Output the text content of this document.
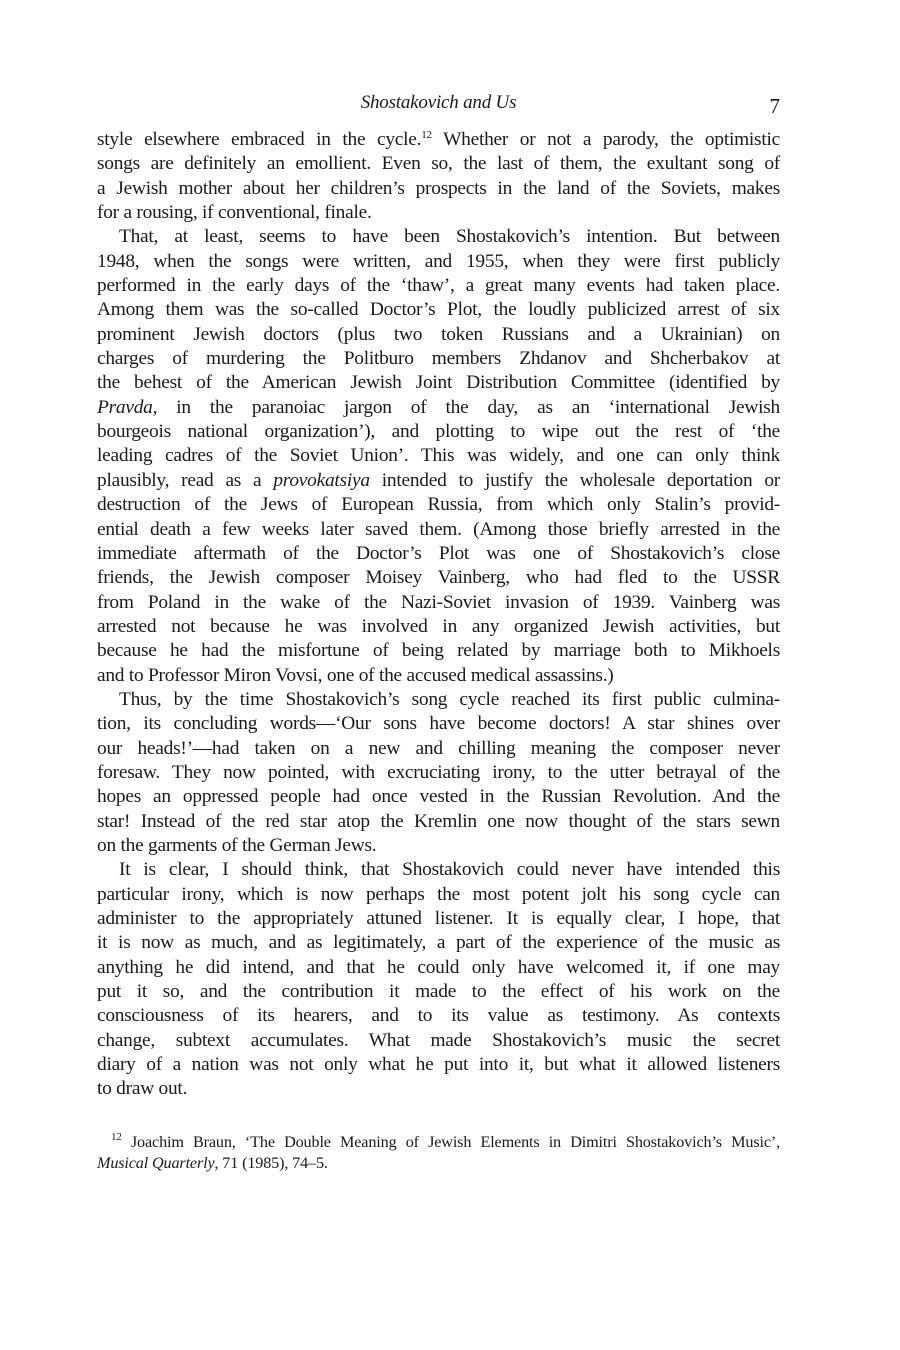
Shostakovich and Us	7
style elsewhere embraced in the cycle.$^{12}$ Whether or not a parody, the optimistic
songs are definitely an emollient. Even so, the last of them, the exultant song of
a Jewish mother about her children’s prospects in the land of the Soviets, makes
for a rousing, if conventional, finale.
That, at least, seems to have been Shostakovich’s intention. But between
1948, when the songs were written, and 1955, when they were first publicly
performed in the early days of the ‘thaw’, a great many events had taken place.
Among them was the so-called Doctor’s Plot, the loudly publicized arrest of six
prominent Jewish doctors (plus two token Russians and a Ukrainian) on
charges of murdering the Politburo members Zhdanov and Shcherbakov at
the behest of the American Jewish Joint Distribution Committee (identified by
Pravda, in the paranoiac jargon of the day, as an ‘international Jewish
bourgeois national organization’), and plotting to wipe out the rest of ‘the
leading cadres of the Soviet Union’. This was widely, and one can only think
plausibly, read as a provokatsiya intended to justify the wholesale deportation or
destruction of the Jews of European Russia, from which only Stalin’s provid-
ential death a few weeks later saved them. (Among those briefly arrested in the
immediate aftermath of the Doctor’s Plot was one of Shostakovich’s close
friends, the Jewish composer Moisey Vainberg, who had fled to the USSR
from Poland in the wake of the Nazi-Soviet invasion of 1939. Vainberg was
arrested not because he was involved in any organized Jewish activities, but
because he had the misfortune of being related by marriage both to Mikhoels
and to Professor Miron Vovsi, one of the accused medical assassins.)
Thus, by the time Shostakovich’s song cycle reached its first public culmina-
tion, its concluding words—‘Our sons have become doctors! A star shines over
our heads!’—had taken on a new and chilling meaning the composer never
foresaw. They now pointed, with excruciating irony, to the utter betrayal of the
hopes an oppressed people had once vested in the Russian Revolution. And the
star! Instead of the red star atop the Kremlin one now thought of the stars sewn
on the garments of the German Jews.
It is clear, I should think, that Shostakovich could never have intended this
particular irony, which is now perhaps the most potent jolt his song cycle can
administer to the appropriately attuned listener. It is equally clear, I hope, that
it is now as much, and as legitimately, a part of the experience of the music as
anything he did intend, and that he could only have welcomed it, if one may
put it so, and the contribution it made to the effect of his work on the
consciousness of its hearers, and to its value as testimony. As contexts
change, subtext accumulates. What made Shostakovich’s music the secret
diary of a nation was not only what he put into it, but what it allowed listeners
to draw out.
$^{12}$ Joachim Braun, ‘The Double Meaning of Jewish Elements in Dimitri Shostakovich’s Music’,
Musical Quarterly, 71 (1985), 74–5.
